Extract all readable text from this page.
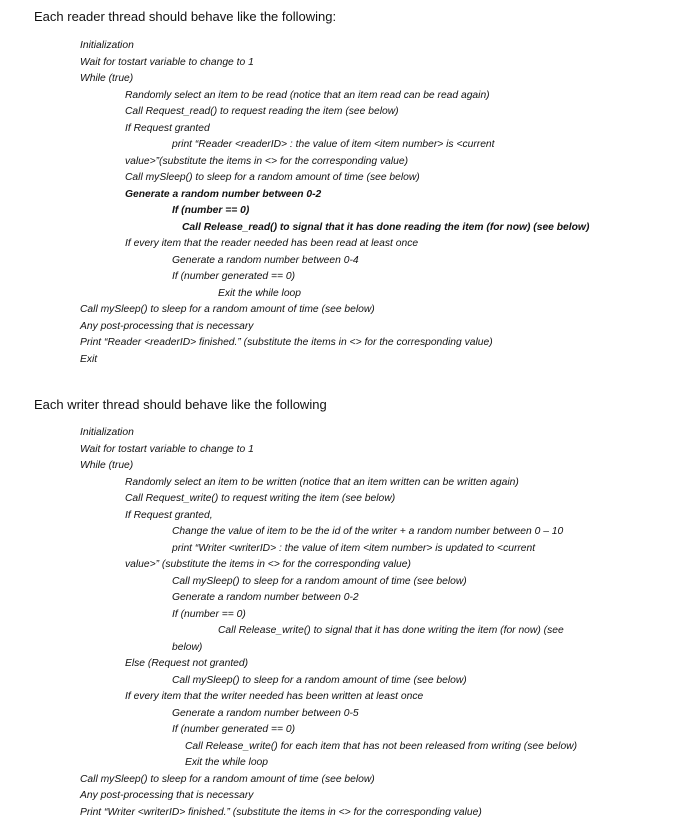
Each reader thread should behave like the following:
Initialization
Wait for tostart variable to change to 1
While (true)
Randomly select an item to be read (notice that an item read can be read again)
Call Request_read() to request reading the item (see below)
If Request granted
print “Reader <readerID> : the value of item <item number> is <current
value>”(substitute the items in <> for the corresponding value)
Call mySleep() to sleep for a random amount of time (see below)
Generate a random number between 0-2
If (number == 0)
Call Release_read() to signal that it has done reading the item (for now) (see below)
If every item that the reader needed has been read at least once
Generate a random number between 0-4
If (number generated == 0)
Exit the while loop
Call mySleep() to sleep for a random amount of time (see below)
Any post-processing that is necessary
Print “Reader <readerID> finished.” (substitute the items in <> for the corresponding value)
Exit
Each writer thread should behave like the following
Initialization
Wait for tostart variable to change to 1
While (true)
Randomly select an item to be written (notice that an item written can be written again)
Call Request_write() to request writing the item (see below)
If Request granted,
Change the value of item to be the id of the writer + a random number between 0 – 10
print “Writer <writerID> : the value of item <item number> is updated to <current
value>” (substitute the items in <> for the corresponding value)
Call mySleep() to sleep for a random amount of time (see below)
Generate a random number between 0-2
If (number == 0)
Call Release_write() to signal that it has done writing the item (for now) (see
below)
Else (Request not granted)
Call mySleep() to sleep for a random amount of time (see below)
If every item that the writer needed has been written at least once
Generate a random number between 0-5
If (number generated == 0)
Call Release_write() for each item that has not been released from writing (see below)
Exit the while loop
Call mySleep() to sleep for a random amount of time (see below)
Any post-processing that is necessary
Print “Writer <writerID> finished.” (substitute the items in <> for the corresponding value)
